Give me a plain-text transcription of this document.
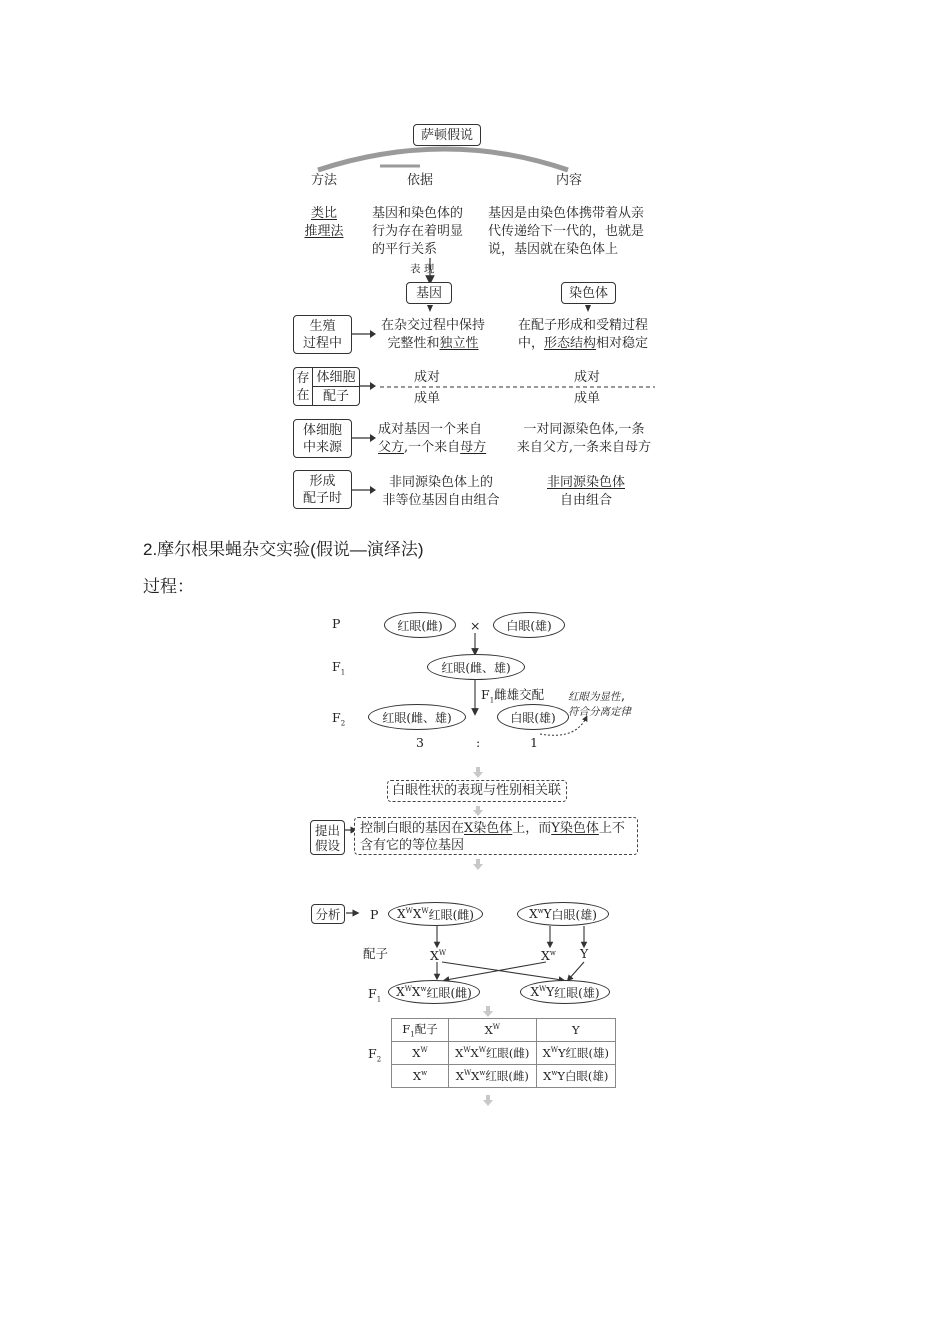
萨顿假说
方法	依据	内容
类比
推理法
基因和染色体的
行为存在着明显
的平行关系
基因是由染色体携带着从亲
代传递给下一代的，也就是
说，基因就在染色体上
表 现
基因	染色体
生殖
过程中
在杂交过程中保持
完整性和独立性
在配子形成和受精过程
中，形态结构相对稳定
存
在
体细胞
配子
成对
成单
成对
成单
体细胞
中来源
成对基因一个来自
父方,一个来自母方
一对同源染色体,一条
来自父方,一条来自母方
形成
配子时
非同源染色体上的
非等位基因自由组合
非同源染色体
自由组合
2.摩尔根果蝇杂交实验(假说—演绎法)
过程：
P
$F_1$
$F_2$
红眼(雌)	×	白眼(雄)
红眼(雌、雄)
$F_1$雌雄交配
红眼(雌、雄)	白眼(雄)
3	:	1
红眼为显性,
符合分离定律
白眼性状的表现与性别相关联
提出
假设
控制白眼的基因在X染色体上，而Y染色体上不
含有它的等位基因
分析	P $X^WX^W$ 红眼(雌)	$X^wY$ 白眼(雄)
配子	$X^W$	$X^w$ Y
$F_1$
$X^WX^w$ 红眼(雌)	$X^WY$ 红眼(雄)
$F_2$
$F_1$配子	$X^W$	Y
$X^W$	$X^WX^W$红眼(雌)	$X^WY$红眼(雄)
$X^w$	$X^WX^w$红眼(雌)	$X^wY$白眼(雄)
